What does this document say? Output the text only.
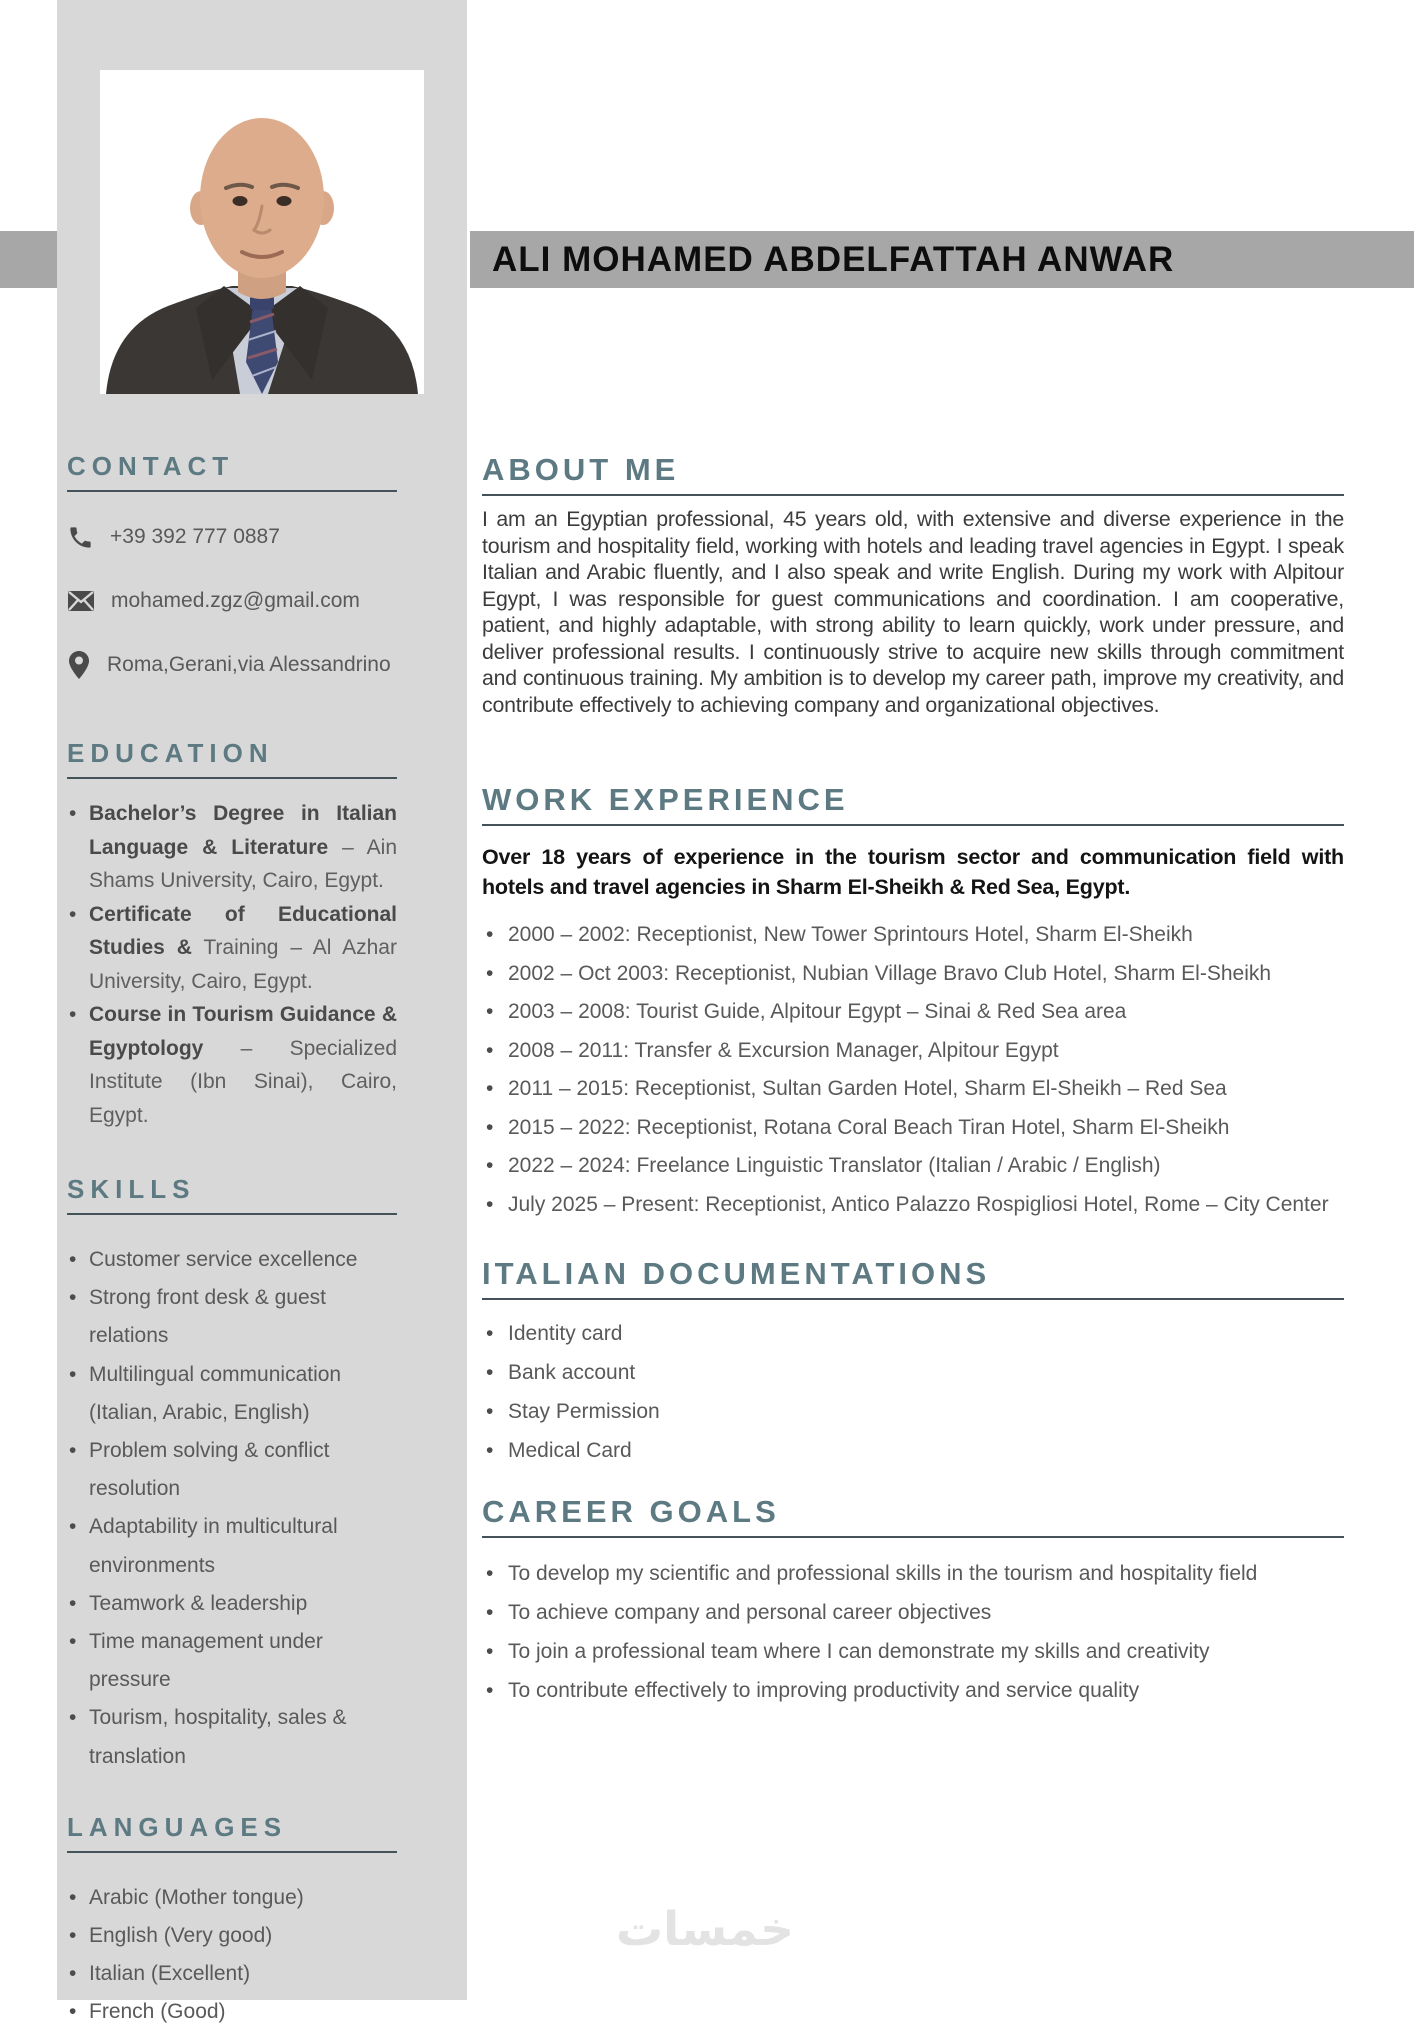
ALI MOHAMED ABDELFATTAH ANWAR
CONTACT
+39 392 777 0887
mohamed.zgz@gmail.com
Roma,Gerani,via Alessandrino
EDUCATION
• Bachelor’s Degree in Italian Language & Literature – Ain Shams University, Cairo, Egypt.
• Certificate of Educational Studies & Training – Al Azhar University, Cairo, Egypt.
• Course in Tourism Guidance & Egyptology – Specialized Institute (Ibn Sinai), Cairo, Egypt.
SKILLS
• Customer service excellence
• Strong front desk & guest relations
• Multilingual communication (Italian, Arabic, English)
• Problem solving & conflict resolution
• Adaptability in multicultural environments
• Teamwork & leadership
• Time management under pressure
• Tourism, hospitality, sales & translation
LANGUAGES
• Arabic (Mother tongue)
• English (Very good)
• Italian (Excellent)
• French (Good)
ABOUT ME

I am an Egyptian professional, 45 years old, with extensive and diverse experience in the tourism and hospitality field, working with hotels and leading travel agencies in Egypt. I speak Italian and Arabic fluently, and I also speak and write English. During my work with Alpitour Egypt, I was responsible for guest communications and coordination. I am cooperative, patient, and highly adaptable, with strong ability to learn quickly, work under pressure, and deliver professional results. I continuously strive to acquire new skills through commitment and continuous training. My ambition is to develop my career path, improve my creativity, and contribute effectively to achieving company and organizational objectives.

WORK EXPERIENCE

Over 18 years of experience in the tourism sector and communication field with hotels and travel agencies in Sharm El-Sheikh & Red Sea, Egypt.

• 2000 – 2002: Receptionist, New Tower Sprintours Hotel, Sharm El-Sheikh
• 2002 – Oct 2003: Receptionist, Nubian Village Bravo Club Hotel, Sharm El-Sheikh
• 2003 – 2008: Tourist Guide, Alpitour Egypt – Sinai & Red Sea area
• 2008 – 2011: Transfer & Excursion Manager, Alpitour Egypt
• 2011 – 2015: Receptionist, Sultan Garden Hotel, Sharm El-Sheikh – Red Sea
• 2015 – 2022: Receptionist, Rotana Coral Beach Tiran Hotel, Sharm El-Sheikh
• 2022 – 2024: Freelance Linguistic Translator (Italian / Arabic / English)
• July 2025 – Present: Receptionist, Antico Palazzo Rospigliosi Hotel, Rome – City Center
ITALIAN DOCUMENTATIONS
• Identity card
• Bank account
• Stay Permission
• Medical Card
CAREER GOALS
• To develop my scientific and professional skills in the tourism and hospitality field
• To achieve company and personal career objectives
• To join a professional team where I can demonstrate my skills and creativity
• To contribute effectively to improving productivity and service quality
خمسات
